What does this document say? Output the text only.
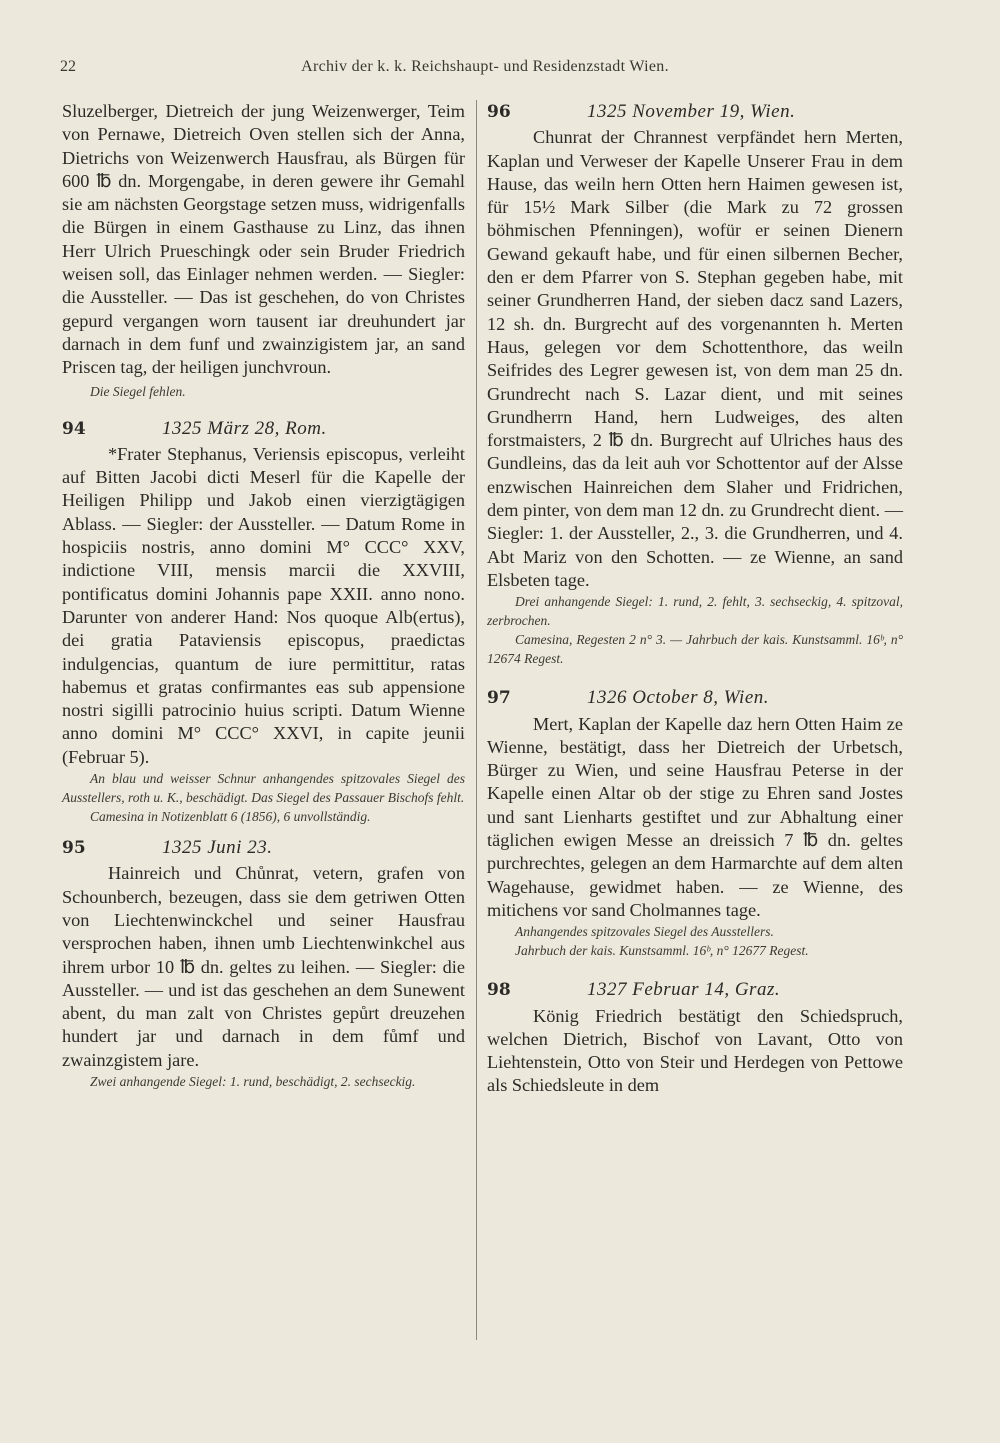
22	Archiv der k. k. Reichshaupt- und Residenzstadt Wien.

Sluzelberger, Dietreich der jung Weizenwerger, Teim von Pernawe, Dietreich Oven stellen sich der Anna, Dietrichs von Weizenwerch Hausfrau, als Bürgen für 600 ℔ dn. Morgengabe, in deren gewere ihr Gemahl sie am nächsten Georgstage setzen muss, widrigenfalls die Bürgen in einem Gasthause zu Linz, das ihnen Herr Ulrich Prueschingk oder sein Bruder Friedrich weisen soll, das Einlager nehmen werden. — Siegler: die Aussteller. — Das ist geschehen, do von Christes gepurd vergangen worn tausent iar dreuhundert jar darnach in dem funf und zwainzigistem jar, an sand Priscen tag, der heiligen junchvroun.

Die Siegel fehlen.

94	1325 März 28, Rom.

*Frater Stephanus, Veriensis episcopus, verleiht auf Bitten Jacobi dicti Meserl für die Kapelle der Heiligen Philipp und Jakob einen vierzigtägigen Ablass. — Siegler: der Aussteller. — Datum Rome in hospiciis nostris, anno domini M° CCC° XXV, indictione VIII, mensis marcii die XXVIII, pontificatus domini Johannis pape XXII. anno nono. Darunter von anderer Hand: Nos quoque Alb(ertus), dei gratia Pataviensis episcopus, praedictas indulgencias, quantum de iure permittitur, ratas habemus et gratas confirmantes eas sub appensione nostri sigilli patrocinio huius scripti. Datum Wienne anno domini M° CCC° XXVI, in capite jeunii (Februar 5).

An blau und weisser Schnur anhangendes spitzovales Siegel des Ausstellers, roth u. K., beschädigt. Das Siegel des Passauer Bischofs fehlt.

Camesina in Notizenblatt 6 (1856), 6 unvollständig.

95	1325 Juni 23.

Hainreich und Chůnrat, vetern, grafen von Schounberch, bezeugen, dass sie dem getriwen Otten von Liechtenwinckchel und seiner Hausfrau versprochen haben, ihnen umb Liechtenwinkchel aus ihrem urbor 10 ℔ dn. geltes zu leihen. — Siegler: die Aussteller. — und ist das geschehen an dem Sunewent abent, du man zalt von Christes gepůrt dreuzehen hundert jar und darnach in dem fůmf und zwainzgistem jare.

Zwei anhangende Siegel: 1. rund, beschädigt, 2. sechseckig.

96	1325 November 19, Wien.

Chunrat der Chrannest verpfändet hern Merten, Kaplan und Verweser der Kapelle Unserer Frau in dem Hause, das weiln hern Otten hern Haimen gewesen ist, für 15½ Mark Silber (die Mark zu 72 grossen böhmischen Pfenningen), wofür er seinen Dienern Gewand gekauft habe, und für einen silbernen Becher, den er dem Pfarrer von S. Stephan gegeben habe, mit seiner Grundherren Hand, der sieben dacz sand Lazers, 12 sh. dn. Burgrecht auf des vorgenannten h. Merten Haus, gelegen vor dem Schottenthore, das weiln Seifrides des Legrer gewesen ist, von dem man 25 dn. Grundrecht nach S. Lazar dient, und mit seines Grundherrn Hand, hern Ludweiges, des alten forstmaisters, 2 ℔ dn. Burgrecht auf Ulriches haus des Gundleins, das da leit auh vor Schottentor auf der Alsse enzwischen Hainreichen dem Slaher und Fridrichen, dem pinter, von dem man 12 dn. zu Grundrecht dient. — Siegler: 1. der Aussteller, 2., 3. die Grundherren, und 4. Abt Mariz von den Schotten. — ze Wienne, an sand Elsbeten tage.

Drei anhangende Siegel: 1. rund, 2. fehlt, 3. sechseckig, 4. spitzoval, zerbrochen.

Camesina, Regesten 2 n° 3. — Jahrbuch der kais. Kunstsamml. 16ᵇ, n° 12674 Regest.

97	1326 October 8, Wien.

Mert, Kaplan der Kapelle daz hern Otten Haim ze Wienne, bestätigt, dass her Dietreich der Urbetsch, Bürger zu Wien, und seine Hausfrau Peterse in der Kapelle einen Altar ob der stige zu Ehren sand Jostes und sant Lienharts gestiftet und zur Abhaltung einer täglichen ewigen Messe an dreissich 7 ℔ dn. geltes purchrechtes, gelegen an dem Harmarchte auf dem alten Wagehause, gewidmet haben. — ze Wienne, des mitichens vor sand Cholmannes tage.

Anhangendes spitzovales Siegel des Ausstellers.

Jahrbuch der kais. Kunstsamml. 16ᵇ, n° 12677 Regest.

98	1327 Februar 14, Graz.

König Friedrich bestätigt den Schiedspruch, welchen Dietrich, Bischof von Lavant, Otto von Liehtenstein, Otto von Steir und Herdegen von Pettowe als Schiedsleute in dem
